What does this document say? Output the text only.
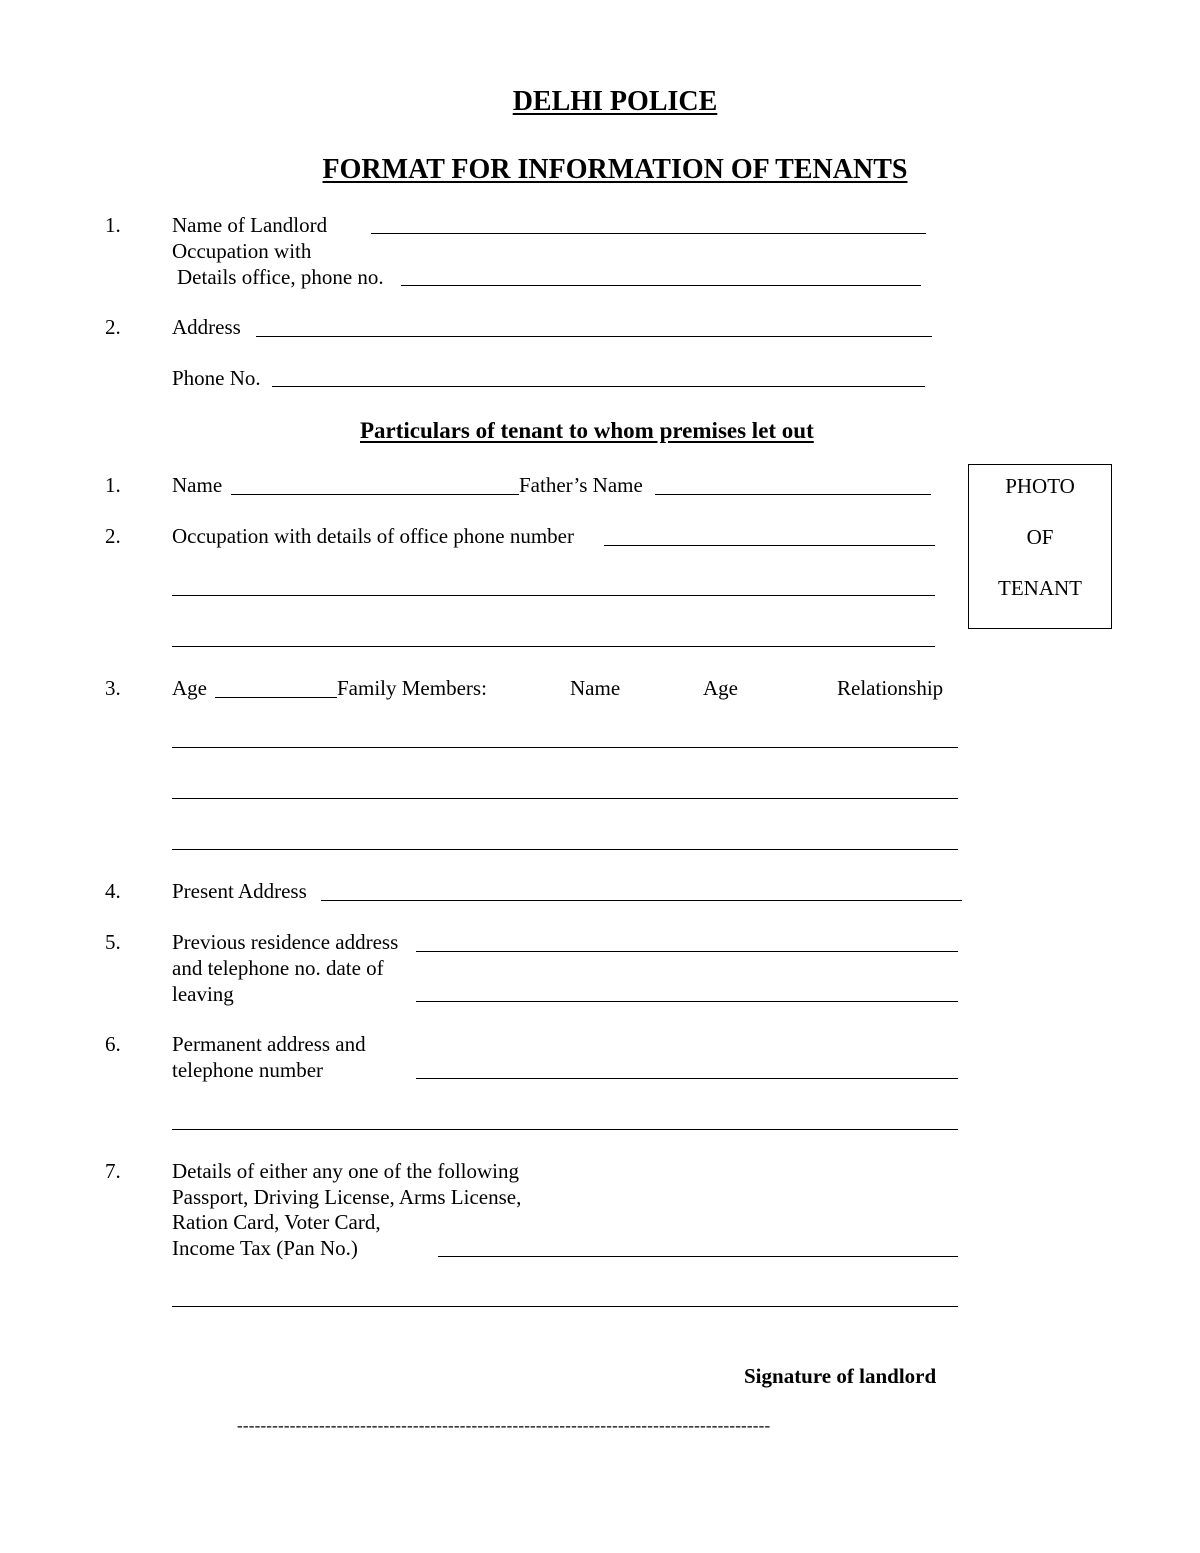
DELHI POLICE
FORMAT FOR INFORMATION OF TENANTS
1. Name of Landlord
Occupation with
Details office, phone no.
2. Address
Phone No.
Particulars of tenant to whom premises let out
1. Name	Father’s Name	PHOTO
OF
TENANT
2. Occupation with details of office phone number
3. Age	Family Members:	Name	Age	Relationship
4. Present Address
5. Previous residence address
and telephone no. date of
leaving
6. Permanent address and
telephone number
7. Details of either any one of the following
Passport, Driving License, Arms License,
Ration Card, Voter Card,
Income Tax (Pan No.)
Signature of landlord
-------------------------------------------------------------------------------------------
